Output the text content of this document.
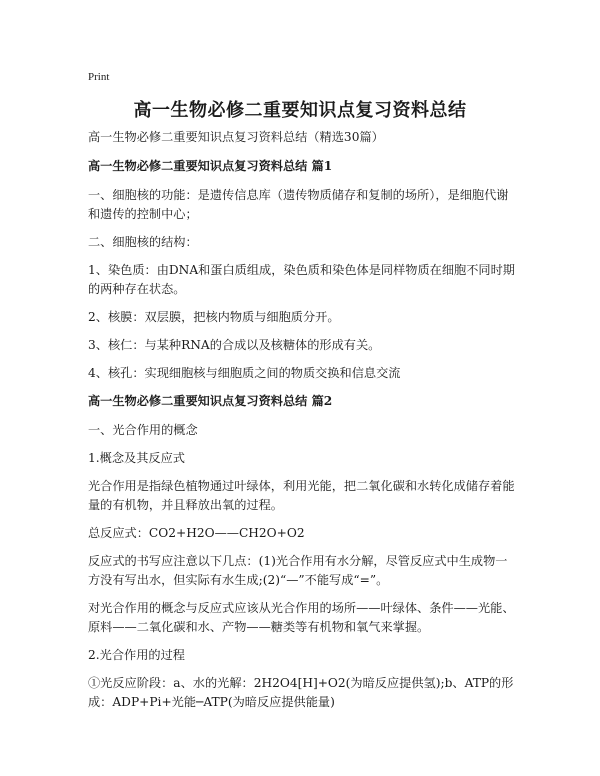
Print
高一生物必修二重要知识点复习资料总结

高一生物必修二重要知识点复习资料总结（精选30篇）

高一生物必修二重要知识点复习资料总结 篇1

一、细胞核的功能：是遗传信息库（遗传物质储存和复制的场所），是细胞代谢和遗传的控制中心；

二、细胞核的结构：

1、染色质：由DNA和蛋白质组成，染色质和染色体是同样物质在细胞不同时期的两种存在状态。

2、核膜：双层膜，把核内物质与细胞质分开。

3、核仁：与某种RNA的合成以及核糖体的形成有关。

4、核孔：实现细胞核与细胞质之间的物质交换和信息交流

高一生物必修二重要知识点复习资料总结 篇2

一、光合作用的概念

1.概念及其反应式

光合作用是指绿色植物通过叶绿体，利用光能，把二氧化碳和水转化成储存着能量的有机物，并且释放出氧的过程。

总反应式：CO2+H2O——CH2O+O2

反应式的书写应注意以下几点：(1)光合作用有水分解，尽管反应式中生成物一方没有写出水，但实际有水生成;(2)“—”不能写成“=”。

对光合作用的概念与反应式应该从光合作用的场所——叶绿体、条件——光能、原料——二氧化碳和水、产物——糖类等有机物和氧气来掌握。

2.光合作用的过程

①光反应阶段：a、水的光解：2H2O4[H]+O2(为暗反应提供氢);b、ATP的形成：ADP+Pi+光能─ATP(为暗反应提供能量)
